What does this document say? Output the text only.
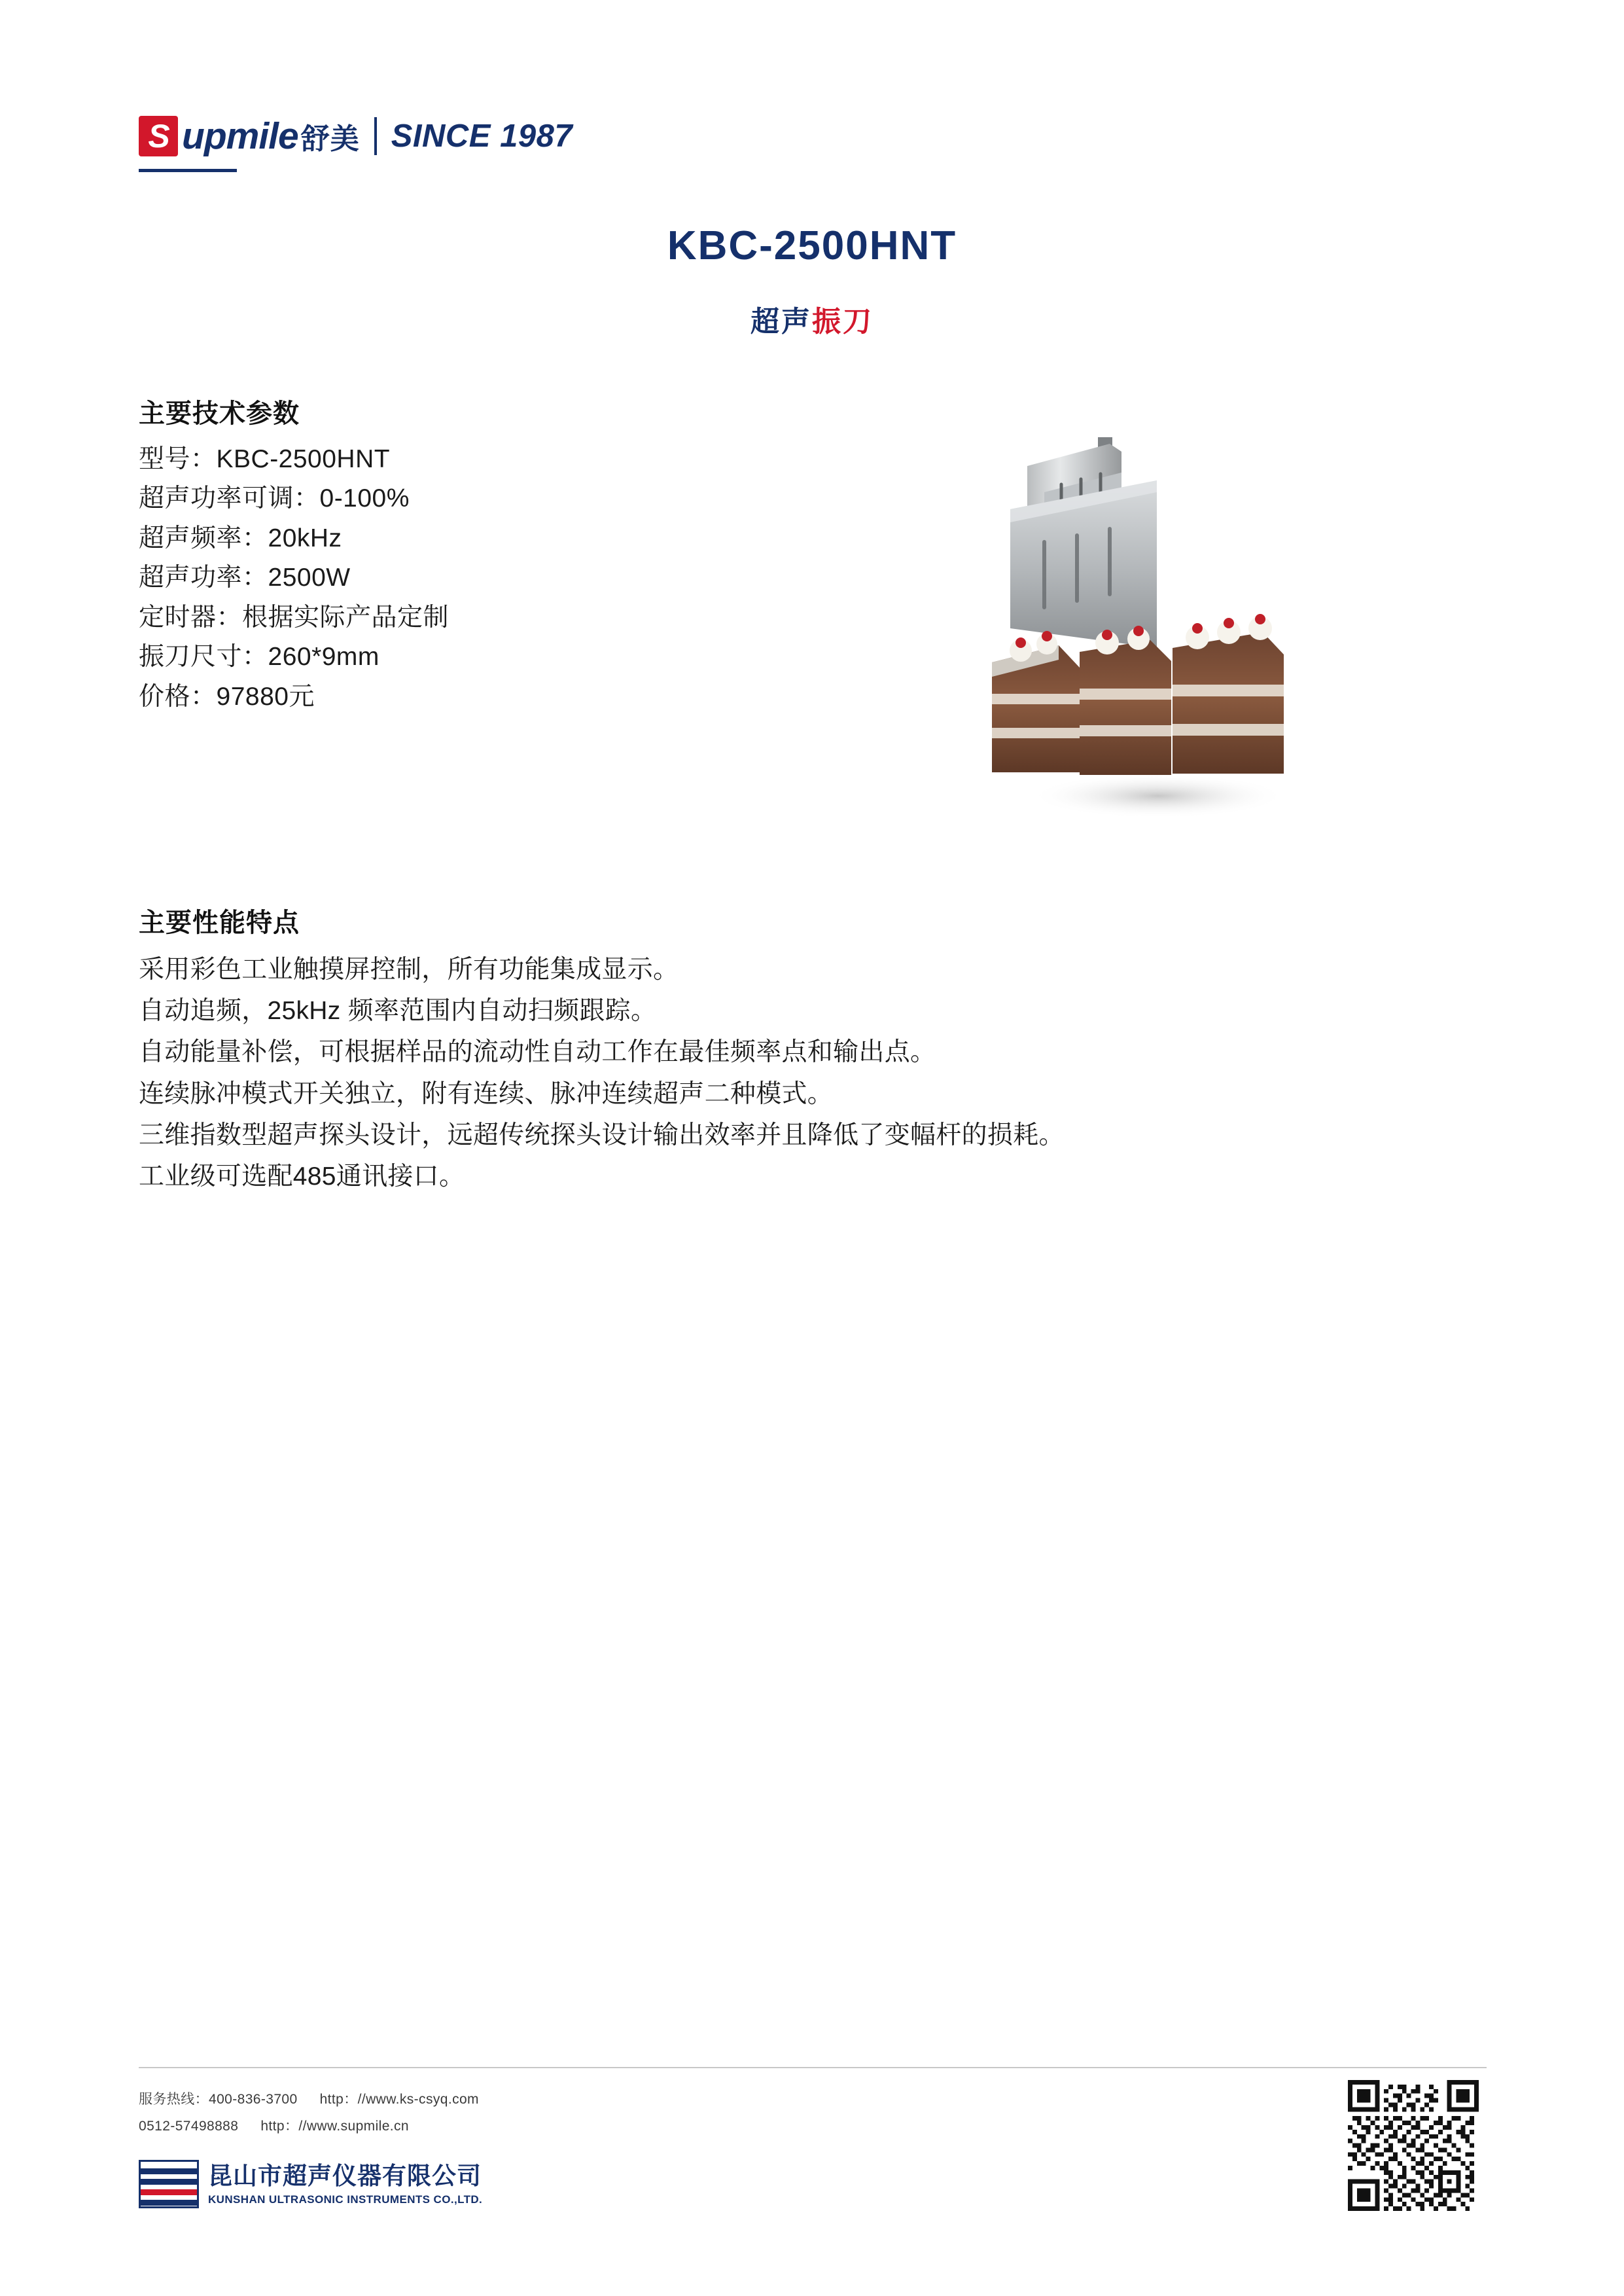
S upmile 舒美 SINCE 1987
KBC-2500HNT
超声振刀
主要技术参数
型号：KBC-2500HNT
超声功率可调：0-100%
超声频率：20kHz
超声功率：2500W
定时器：根据实际产品定制
振刀尺寸：260*9mm
价格：97880元
主要性能特点
采用彩色工业触摸屏控制，所有功能集成显示。
自动追频，25kHz 频率范围内自动扫频跟踪。
自动能量补偿，可根据样品的流动性自动工作在最佳频率点和输出点。
连续脉冲模式开关独立，附有连续、脉冲连续超声二种模式。
三维指数型超声探头设计，远超传统探头设计输出效率并且降低了变幅杆的损耗。
工业级可选配485通讯接口。
服务热线：400-836-3700 http：//www.ks-csyq.com
0512-57498888 http：//www.supmile.cn
昆山市超声仪器有限公司
KUNSHAN ULTRASONIC INSTRUMENTS CO.,LTD.
